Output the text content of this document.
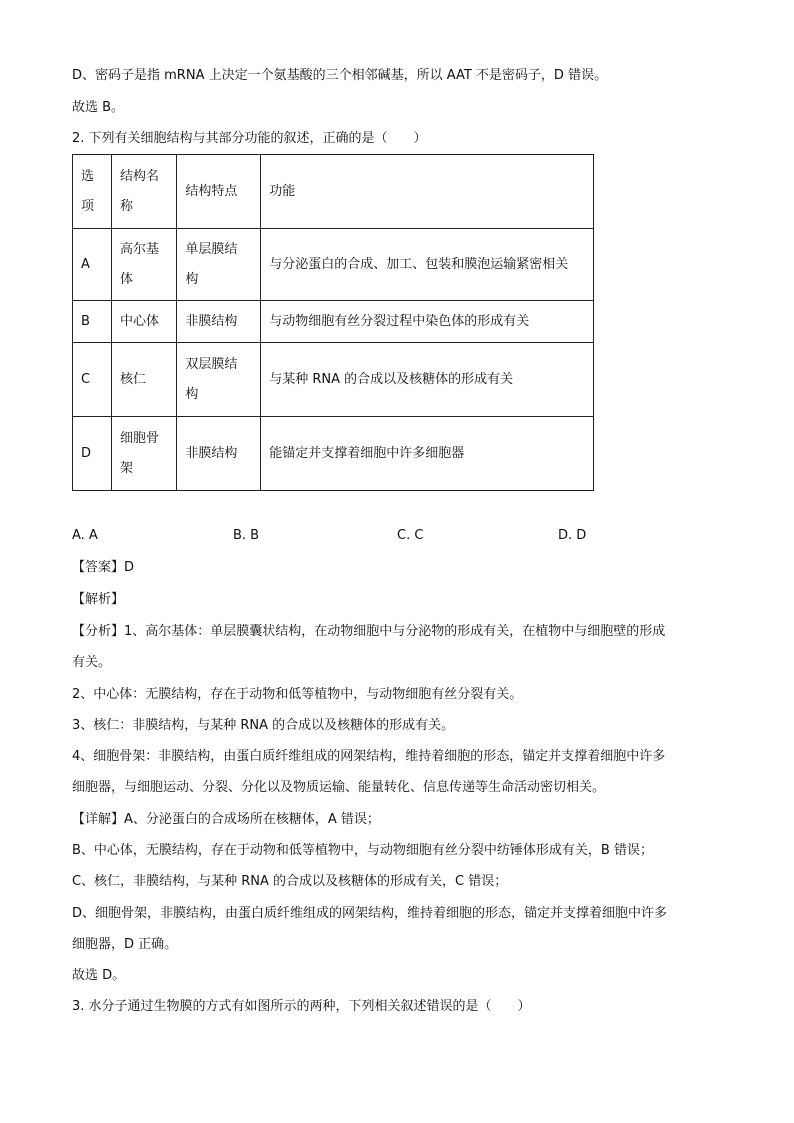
D、密码子是指 mRNA 上决定一个氨基酸的三个相邻碱基，所以 AAT 不是密码子，D 错误。
故选 B。
2. 下列有关细胞结构与其部分功能的叙述，正确的是（　　）
选项	结构名称	结构特点	功能
A	高尔基体	单层膜结构	与分泌蛋白的合成、加工、包装和膜泡运输紧密相关

B	中心体	非膜结构	与动物细胞有丝分裂过程中染色体的形成有关
C	核仁	双层膜结构	与某种 RNA 的合成以及核糖体的形成有关
D	细胞骨架	非膜结构	能锚定并支撑着细胞中许多细胞器
A. A	B. B	C. C	D. D
【答案】D
【解析】
【分析】1、高尔基体：单层膜囊状结构，在动物细胞中与分泌物的形成有关，在植物中与细胞壁的形成
有关。
2、中心体：无膜结构，存在于动物和低等植物中，与动物细胞有丝分裂有关。
3、核仁：非膜结构，与某种 RNA 的合成以及核糖体的形成有关。
4、细胞骨架：非膜结构，由蛋白质纤维组成的网架结构，维持着细胞的形态，锚定并支撑着细胞中许多
细胞器，与细胞运动、分裂、分化以及物质运输、能量转化、信息传递等生命活动密切相关。
【详解】A、分泌蛋白的合成场所在核糖体，A 错误；
B、中心体，无膜结构，存在于动物和低等植物中，与动物细胞有丝分裂中纺锤体形成有关，B 错误；
C、核仁，非膜结构，与某种 RNA 的合成以及核糖体的形成有关，C 错误；
D、细胞骨架，非膜结构，由蛋白质纤维组成的网架结构，维持着细胞的形态，锚定并支撑着细胞中许多
细胞器，D 正确。
故选 D。
3. 水分子通过生物膜的方式有如图所示的两种，下列相关叙述错误的是（　　）
